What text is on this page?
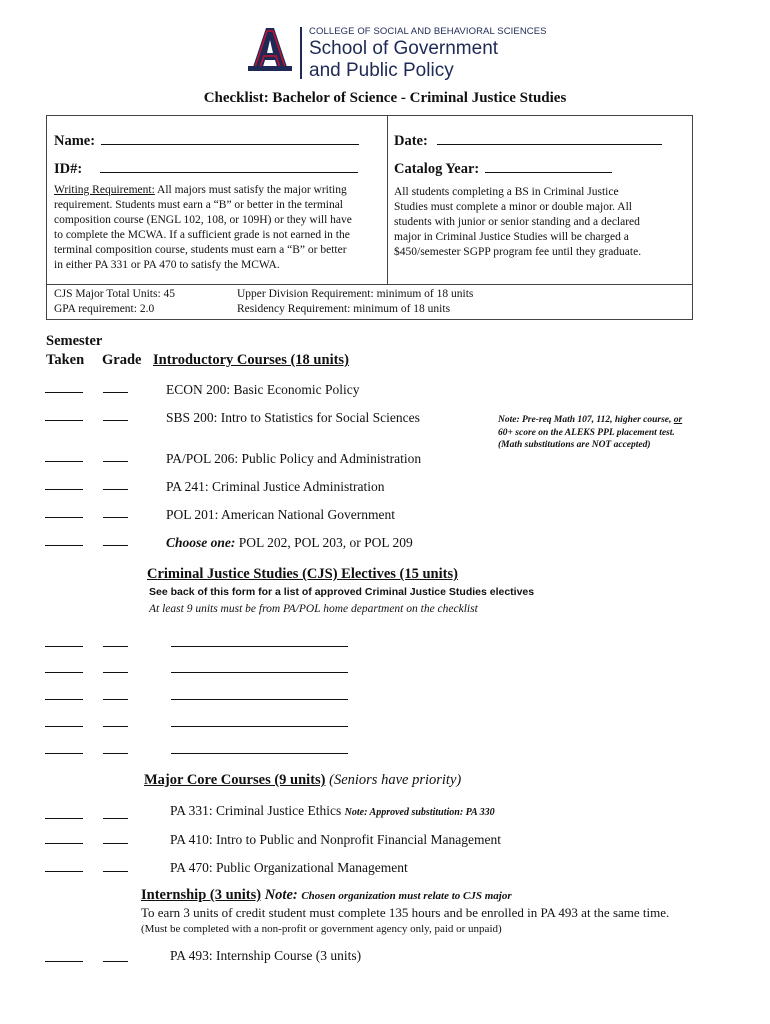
COLLEGE OF SOCIAL AND BEHAVIORAL SCIENCES
School of Government
and Public Policy
Checklist: Bachelor of Science - Criminal Justice Studies
Name:
ID#:
Date:
Catalog Year:
Writing Requirement: All majors must satisfy the major writing
requirement. Students must earn a “B” or better in the terminal
composition course (ENGL 102, 108, or 109H) or they will have
to complete the MCWA. If a sufficient grade is not earned in the
terminal composition course, students must earn a “B” or better
in either PA 331 or PA 470 to satisfy the MCWA.
All students completing a BS in Criminal Justice
Studies must complete a minor or double major. All
students with junior or senior standing and a declared
major in Criminal Justice Studies will be charged a
$450/semester SGPP program fee until they graduate.
CJS Major Total Units: 45
GPA requirement: 2.0
Upper Division Requirement: minimum of 18 units
Residency Requirement: minimum of 18 units
Semester
Taken Grade Introductory Courses (18 units)
ECON 200: Basic Economic Policy
SBS 200: Intro to Statistics for Social Sciences	Note: Pre-req Math 107, 112, higher course, or
60+ score on the ALEKS PPL placement test.
(Math substitutions are NOT accepted)
PA/POL 206: Public Policy and Administration
PA 241: Criminal Justice Administration
POL 201: American National Government
Choose one: POL 202, POL 203, or POL 209
Criminal Justice Studies (CJS) Electives (15 units)
See back of this form for a list of approved Criminal Justice Studies electives
At least 9 units must be from PA/POL home department on the checklist
Major Core Courses (9 units) (Seniors have priority)
PA 331: Criminal Justice Ethics Note: Approved substitution: PA 330
PA 410: Intro to Public and Nonprofit Financial Management
PA 470: Public Organizational Management
Internship (3 units) Note: Chosen organization must relate to CJS major
To earn 3 units of credit student must complete 135 hours and be enrolled in PA 493 at the same time.
(Must be completed with a non-profit or government agency only, paid or unpaid)
PA 493: Internship Course (3 units)
